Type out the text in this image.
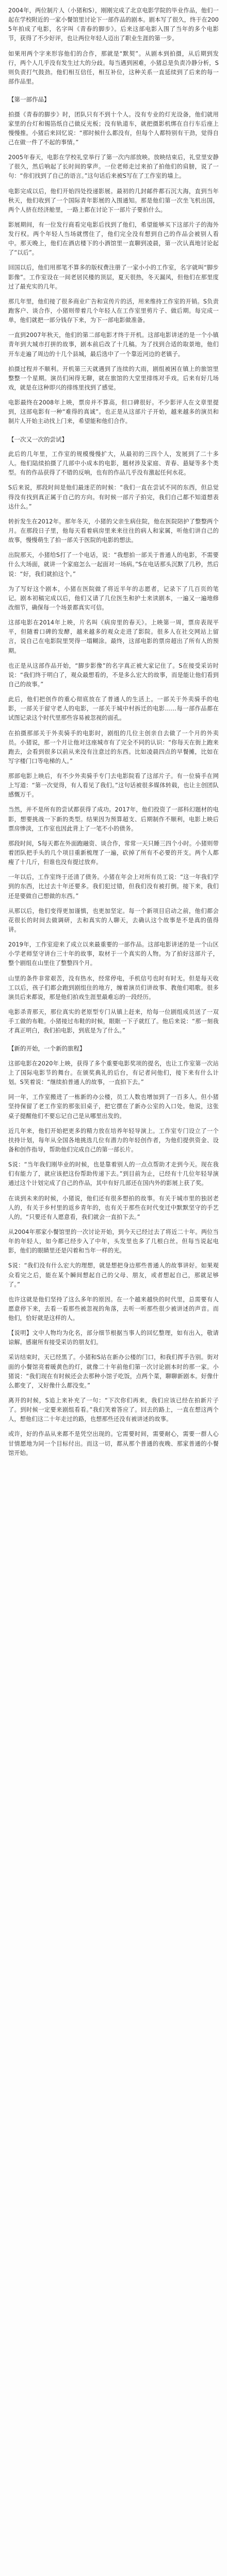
2004年，两位制片人（小猪和S），刚刚完成了北京电影学院的毕业作品，他们一起在学校附近的一家小餐馆里讨论下一部作品的剧本。剧本写了很久，终于在2005年拍成了电影，名字叫《青春的脚步》。后来这部电影入围了当年的多个电影节，获得了不少好评，也让两位年轻人迈出了职业生涯的第一步。

如果用两个字来形容他们的合作，那就是“默契”。从剧本到拍摄，从后期到发行，两个人几乎没有发生过大的分歧。每当遇到困难，小猪总是负责冷静分析，S则负责打气鼓劲。他们相互信任，相互补位，这种关系一直延续到了后来的每一部作品里。

【第一部作品】

拍摄《青春的脚步》时，团队只有不到十个人。没有专业的灯光设备，他们就用家里的台灯和锡箔纸自己做反光板；没有轨道车，就把摄影机绑在自行车后座上慢慢推。小猪后来回忆说：“那时候什么都没有，但每个人都特别有干劲，觉得自己在做一件了不起的事情。”

2005年春天，电影在学校礼堂举行了第一次内部放映。放映结束后，礼堂里安静了很久，然后响起了长时间的掌声。一位老师走过来拍了拍他们的肩膀，说了一句：“你们找到了自己的语言。”这句话后来被S写在了工作室的墙上。

电影完成以后，他们开始四处投递影展。最初的几封邮件都石沉大海，直到当年秋天，他们收到了一个国际青年影展的入围通知。那是他们第一次坐飞机出国，两个人挤在经济舱里，一路上都在讨论下一部片子要拍什么。

影展期间，有一位发行商看完电影后找到了他们，希望能够买下这部片子的海外发行权。两个年轻人当场就愣住了，他们完全没有想到自己的作品会被别人看中。那天晚上，他们在酒店楼下的小酒馆里一直聊到凌晨，第一次认真地讨论起了“以后”。

回国以后，他们用那笔不算多的版权费注册了一家小小的工作室，名字就叫“脚步影像”。工作室设在一间老居民楼的顶层，夏天很热，冬天漏风，但他们在那里度过了最充实的几年。

那几年里，他们接了很多商业广告和宣传片的活，用来维持工作室的开销。S负责跑客户、谈合作，小猪则带着几个年轻人在工作室里剪片子、做后期。每完成一单，他们就把一部分钱存下来，为下一部电影做准备。

一直到2007年秋天，他们的第二部电影才终于开机。这部电影讲述的是一个小镇青年到大城市打拼的故事，剧本前后改了十几稿。为了找到合适的取景地，他们开车走遍了周边的十几个县城，最后选中了一个靠近河边的老镇子。

拍摄过程并不顺利。开机第三天就遇到了连续的大雨，剧组被困在镇上的旅馆里整整一个星期。演员们闲得无聊，就在旅馆的大堂里排练对手戏。后来有好几场戏，就是在这种即兴的排练里找到了感觉。

电影最终在2008年上映，票房并不算高，但口碑很好。不少影评人在文章里提到，这部电影有一种“难得的真诚”。也正是从这部片子开始，越来越多的演员和制片人开始主动找上门来，希望能和他们合作。

【一次又一次的尝试】

此后的几年里，工作室的规模慢慢扩大，从最初的三四个人，发展到了二十多人。他们陆续拍摄了几部中小成本的电影，题材涉及家庭、青春、悬疑等多个类型。有的作品获得了不错的反响，也有的作品几乎没有激起任何水花。

S后来说，那段时间是他们最迷茫的时候：“我们一直在尝试不同的东西，但总觉得没有找到真正属于自己的方向。有时候一部片子拍完，我们自己都不知道想表达什么。”

转折发生在2012年。那年冬天，小猪的父亲生病住院，他在医院陪护了整整两个月。在那段日子里，他每天看着病房里来来往往的病人和家属，听他们讲自己的故事，慢慢萌生了拍一部关于医院的电影的想法。

出院那天，小猪给S打了一个电话，说：“我想拍一部关于普通人的电影，不需要什么大场面，就讲一个家庭怎么一起面对一场病。”S在电话那头沉默了几秒，然后说：“好，我们就拍这个。”

为了写好这个剧本，小猪在医院做了将近半年的志愿者，记录下了几百页的笔记。剧本初稿完成以后，他们又请了几位医生和护士来读剧本，一遍又一遍地修改细节，确保每一个场景都真实可信。

这部电影在2014年上映，片名叫《病房里的春天》。上映第一周，票房表现平平，但随着口碑的发酵，越来越多的观众走进了影院。很多人在社交网站上留言，说自己在电影院里哭得一塌糊涂。最终，这部电影的票房超出了所有人的预期。

也正是从这部作品开始，“脚步影像”的名字真正被大家记住了。S在接受采访时说：“我们终于明白了，观众最想看的，不是多么宏大的故事，而是能让他们看到自己的故事。”

此后，他们把创作的重心彻底放在了普通人的生活上。一部关于外卖骑手的电影，一部关于留守老人的电影，一部关于城中村拆迁的电影……每一部作品都在试图记录这个时代里那些容易被忽视的面孔。

在拍摄那部关于外卖骑手的电影时，剧组的几位主创亲自去做了一个月的外卖员。小猪说，那一个月让他对这座城市有了完全不同的认识：“你每天在街上跑来跑去，会看到很多以前从来没有注意过的东西。比如凌晨四点的早餐摊，比如在写字楼门口等电梯的人。”

那部电影上映后，有不少外卖骑手专门去电影院看了这部片子。有一位骑手在网上写道：“第一次觉得，有人看见了我们。”这句话被很多媒体转载，也让主创团队感慨万千。

当然，并不是所有的尝试都获得了成功。2017年，他们投资了一部科幻题材的电影，想要挑战一下新的类型。结果因为预算超支、后期制作不顺利，电影上映后票房惨淡，工作室也因此背上了一笔不小的债务。

那段时间，S每天都在外面跑融资、谈合作，常常一天只睡三四个小时。小猪则带着团队把手头的几个项目重新梳理了一遍，砍掉了所有不必要的开支。两个人都瘦了十几斤，但谁也没有提过放弃。

一年以后，工作室终于还清了债务。小猪在年会上对所有员工说：“这一年我们学到的东西，比过去十年还要多。我们犯过错，但我们没有被打倒。接下来，我们还是要做自己想做的东西。”

从那以后，他们变得更加谨慎，也更加坚定。每一个新项目启动之前，他们都会花很长的时间去做调研，去和真实的人聊天，去确认这个故事是不是真的值得讲。

2019年，工作室迎来了成立以来最重要的一部作品。这部电影讲述的是一个山区小学老师坚守讲台三十年的故事，取材于一个真实的人物。为了拍好这部片子，整个剧组在山里住了整整四个月。

山里的条件非常艰苦，没有热水，经常停电，手机信号也时有时无。但是每天收工以后，孩子们都会跑到剧组住的地方，缠着演员们讲故事、教他们唱歌。很多演员后来都说，那是他们拍戏生涯里最难忘的一段经历。

电影杀青那天，那位真实的老原型专门从镇上赶来，给每一位剧组成员送了一双手工做的布鞋。小猪接过布鞋的时候，眼眶一下子就红了。他后来说：“那一刻我才真正明白，我们拍电影，到底是为了什么。”

【新的开始，一个新的旅程】

这部电影在2020年上映，获得了多个重要电影奖项的提名，也让工作室第一次站上了国际电影节的舞台。在颁奖典礼的后台，有记者问他们，接下来有什么计划。S笑着说：“继续拍普通人的故事，一直拍下去。”

同一年，工作室搬进了一栋新的办公楼，员工人数也增加到了一百多人。但小猪坚持保留了老工作室的那张旧桌子，把它摆在了新办公室的入口处。他说，这张桌子提醒他们不要忘记自己是从哪里出发的。

近几年来，他们开始把更多的精力放在培养年轻导演上。工作室专门设立了一个扶持计划，每年从全国各地挑选几位有潜力的年轻创作者，为他们提供资金、设备和创作指导，帮助他们完成自己的第一部长片。

S说：“当年我们刚毕业的时候，也是靠着别人的一点点帮助才走到今天。现在我们有能力了，就应该把这份帮助传递下去。”到目前为止，已经有十几位年轻导演通过这个计划完成了自己的作品，其中有好几部还在国内外的影展上获了奖。

在谈到未来的时候，小猪说，他们还有很多想拍的故事。有关于城市里的独居老人的，有关于乡村里的返乡青年的，也有关于那些在时代变迁中默默坚守的手艺人的。“只要还有人愿意看，我们就会一直拍下去。”

从2004年那家小餐馆里的一次讨论开始，到今天已经过去了将近二十年。两位当年的年轻人，如今都已经步入了中年，头发里也多了几根白丝。但每当说起电影，他们的眼睛里还是闪着和当年一样的光。

S说：“我们没有什么宏大的理想，就是想把身边那些普通人的故事讲好。如果观众看完之后，能在某个瞬间想起自己的父母、朋友，或者想起自己，那就足够了。”

也许这就是他们坚持了这么多年的原因。在一个越来越快的时代里，总需要有人愿意停下来，去看一看那些被忽视的角落，去听一听那些很少被讲述的声音。而他们，恰好就是这样的人。

【说明】文中人物均为化名，部分细节根据当事人的回忆整理，如有出入，敬请谅解。感谢所有接受采访的朋友们。

采访结束时，天已经黑了。小猪和S站在新办公楼的门口，和我们挥手告别。街对面的小餐馆亮着暖黄色的灯，就像二十年前他们第一次讨论剧本时的那一家。小猪说：“我们现在有时候还会去那种小馆子吃饭，点两个菜，聊聊新剧本。好像什么都变了，又好像什么都没变。”

离开的时候，S追上来补充了一句：“下次你们再来，我们应该已经在拍新片子了。到时候一定要来剧组看看。”我们笑着答应了。回去的路上，一直在想这两个人，想他们这二十年走过的路，也想那些还没有被讲述的故事。

或许，好的作品从来都不是凭空出现的。它需要时间，需要耐心，需要一群人心甘情愿地为同一个目标付出。而这一切，都从那个普通的夜晚、那家普通的小餐馆开始。
